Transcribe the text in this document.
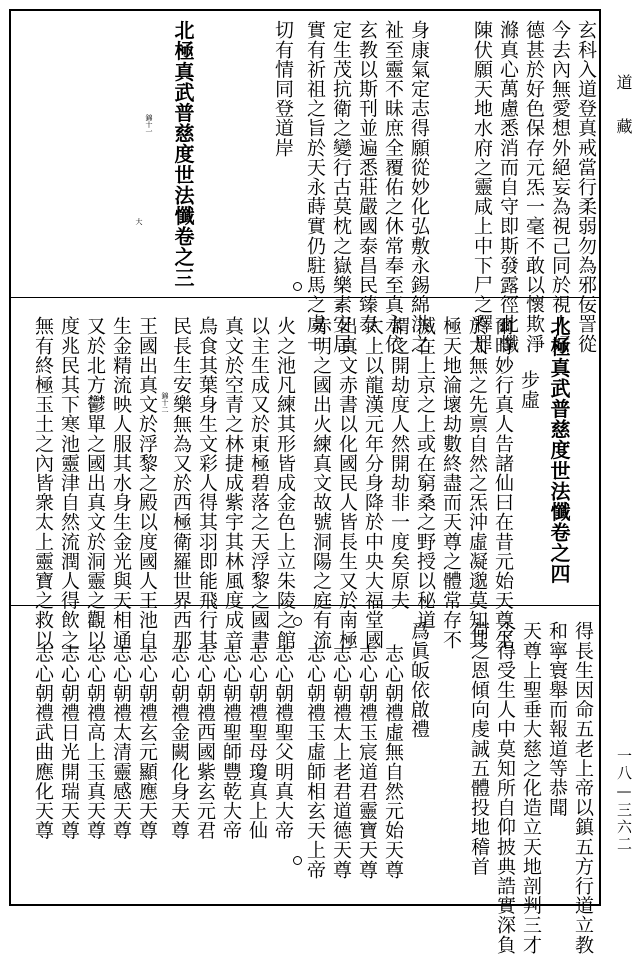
玄科入道登真戒當行柔弱勿為邪佞詈從
今去內無愛想外絕妄為視己同於視人好
德甚於好色保存元炁一毫不敢以懷欺淨
滌真心萬慮悉消而自守即斯發露徑此懺
陳伏願天地水府之靈咸上中下尸之釋罪
身康氣定志得願從妙化弘敷永錫綿洪之
祉至靈不昧庶全覆佑之休常奉至真永依
玄教以斯刊並遍悉莊嚴國泰昌民臻泰
定生茂抗衛之變行古莫枕之嶽樂素安居
實有祈祖之旨於天永蒔實仍駐馬之虞一
切有情同登道岸
北極真武普慈度世法懺卷之三
錦十一
大
北極真武普慈度世法懺卷之四
步虛
爾時妙行真人告諸仙曰在昔元始天尊生
於太無之先禀自然之炁沖虛凝邈莫知其
極天地淪壞劫數終盡而天尊之體常存不
滅在上京之上或在窮桑之野授以秘道
謂之開劫度人然開劫非一度矣原夫
太上以龍漢元年分身降於中央大福堂國
出真文赤書以化國民人皆長生又於南極
赤明之國出火練真文故號洞陽之庭有流
火之池凡練其形皆成金色上立朱陵之館
以主生成又於東極碧落之天浮黎之國書
真文於空青之林捷成紫宇其林風度成音
鳥食其葉身生文彩人得其羽即能飛行其
民長生安樂無為又於西極衛羅世界西那
王國出真文於浮黎之殿以度國人王池自
生金精流映人服其水身生金光與天相通
又於北方鬱單之國出真文於洞靈之觀以
度兆民其下寒池靈津自然流潤人得飲之
無有終極玉土之內皆衆太上靈寶之救以	錦十二
得長生因命五老上帝以鎮五方行道立教
和寧寰舉而報道等恭聞
天尊上聖垂大慈之化造立天地剖判三才
令得受生人中莫知所自仰披典誥實深負
荷之恩傾向虔誠五體投地稽首
爲眞皈依啟禮
志心朝禮虛無自然元始天尊
志心朝禮玉宸道君靈寶天尊
志心朝禮太上老君道德天尊
志心朝禮玉虛師相玄天上帝
志心朝禮聖父明真大帝
志心朝禮聖母瓊真上仙
志心朝禮聖師豐乾大帝
志心朝禮西國紫玄元君
志心朝禮金闕化身天尊
志心朝禮玄元顯應天尊
志心朝禮太清靈感天尊
志心朝禮高上玉真天尊
志心朝禮日光開瑞天尊
志心朝禮武曲應化天尊
道　藏
一八—三六二
